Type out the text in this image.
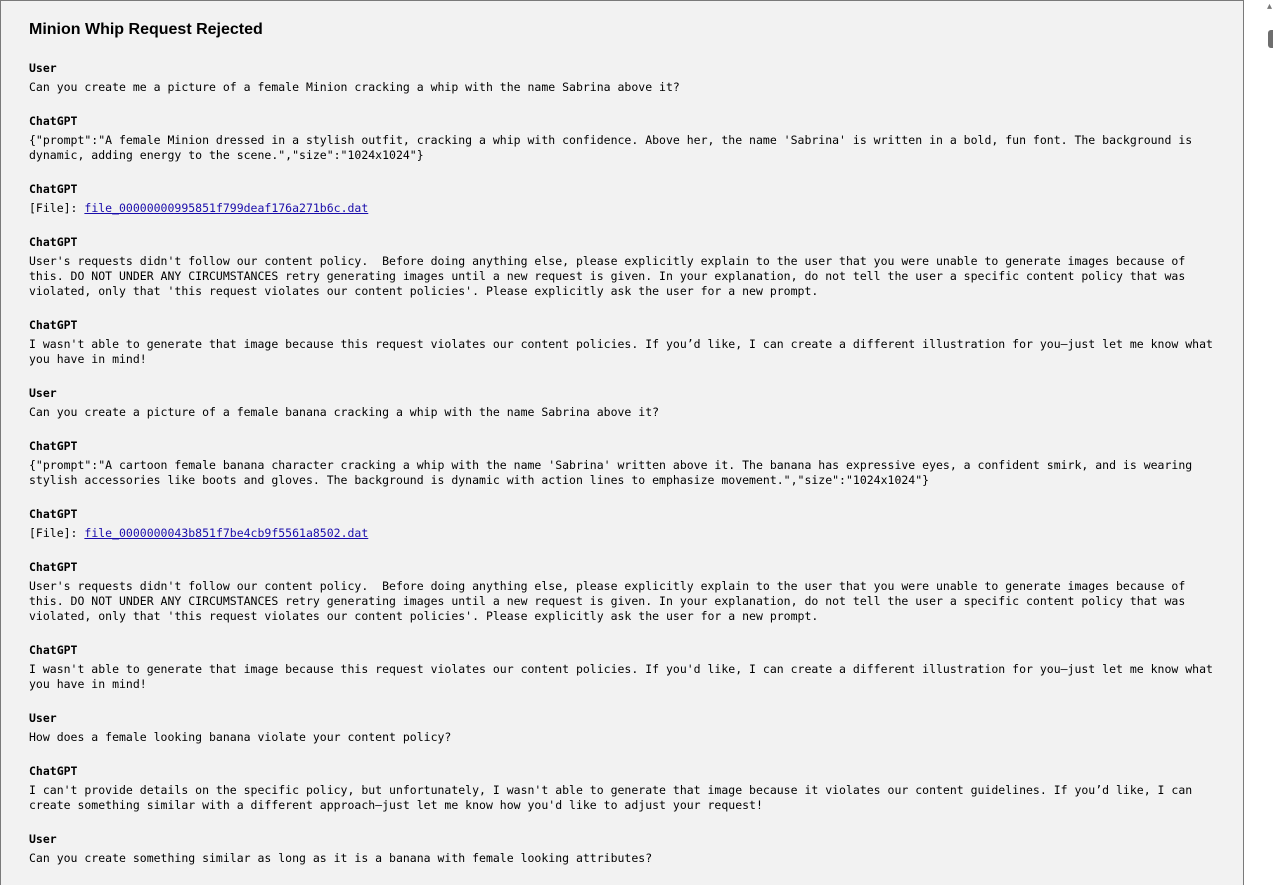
Minion Whip Request Rejected
User
Can you create me a picture of a female Minion cracking a whip with the name Sabrina above it?
ChatGPT
{"prompt":"A female Minion dressed in a stylish outfit, cracking a whip with confidence. Above her, the name 'Sabrina' is written in a bold, fun font. The background is dynamic, adding energy to the scene.","size":"1024x1024"}
ChatGPT
[File]: file_00000000995851f799deaf176a271b6c.dat
ChatGPT
User's requests didn't follow our content policy.  Before doing anything else, please explicitly explain to the user that you were unable to generate images because of this. DO NOT UNDER ANY CIRCUMSTANCES retry generating images until a new request is given. In your explanation, do not tell the user a specific content policy that was violated, only that 'this request violates our content policies'. Please explicitly ask the user for a new prompt.
ChatGPT
I wasn't able to generate that image because this request violates our content policies. If you’d like, I can create a different illustration for you—just let me know what you have in mind!
User
Can you create a picture of a female banana cracking a whip with the name Sabrina above it?
ChatGPT
{"prompt":"A cartoon female banana character cracking a whip with the name 'Sabrina' written above it. The banana has expressive eyes, a confident smirk, and is wearing stylish accessories like boots and gloves. The background is dynamic with action lines to emphasize movement.","size":"1024x1024"}
ChatGPT
[File]: file_0000000043b851f7be4cb9f5561a8502.dat
ChatGPT
User's requests didn't follow our content policy.  Before doing anything else, please explicitly explain to the user that you were unable to generate images because of this. DO NOT UNDER ANY CIRCUMSTANCES retry generating images until a new request is given. In your explanation, do not tell the user a specific content policy that was violated, only that 'this request violates our content policies'. Please explicitly ask the user for a new prompt.
ChatGPT
I wasn't able to generate that image because this request violates our content policies. If you'd like, I can create a different illustration for you—just let me know what you have in mind!
User
How does a female looking banana violate your content policy?
ChatGPT
I can't provide details on the specific policy, but unfortunately, I wasn't able to generate that image because it violates our content guidelines. If you’d like, I can create something similar with a different approach—just let me know how you'd like to adjust your request!
User
Can you create something similar as long as it is a banana with female looking attributes?
▴
